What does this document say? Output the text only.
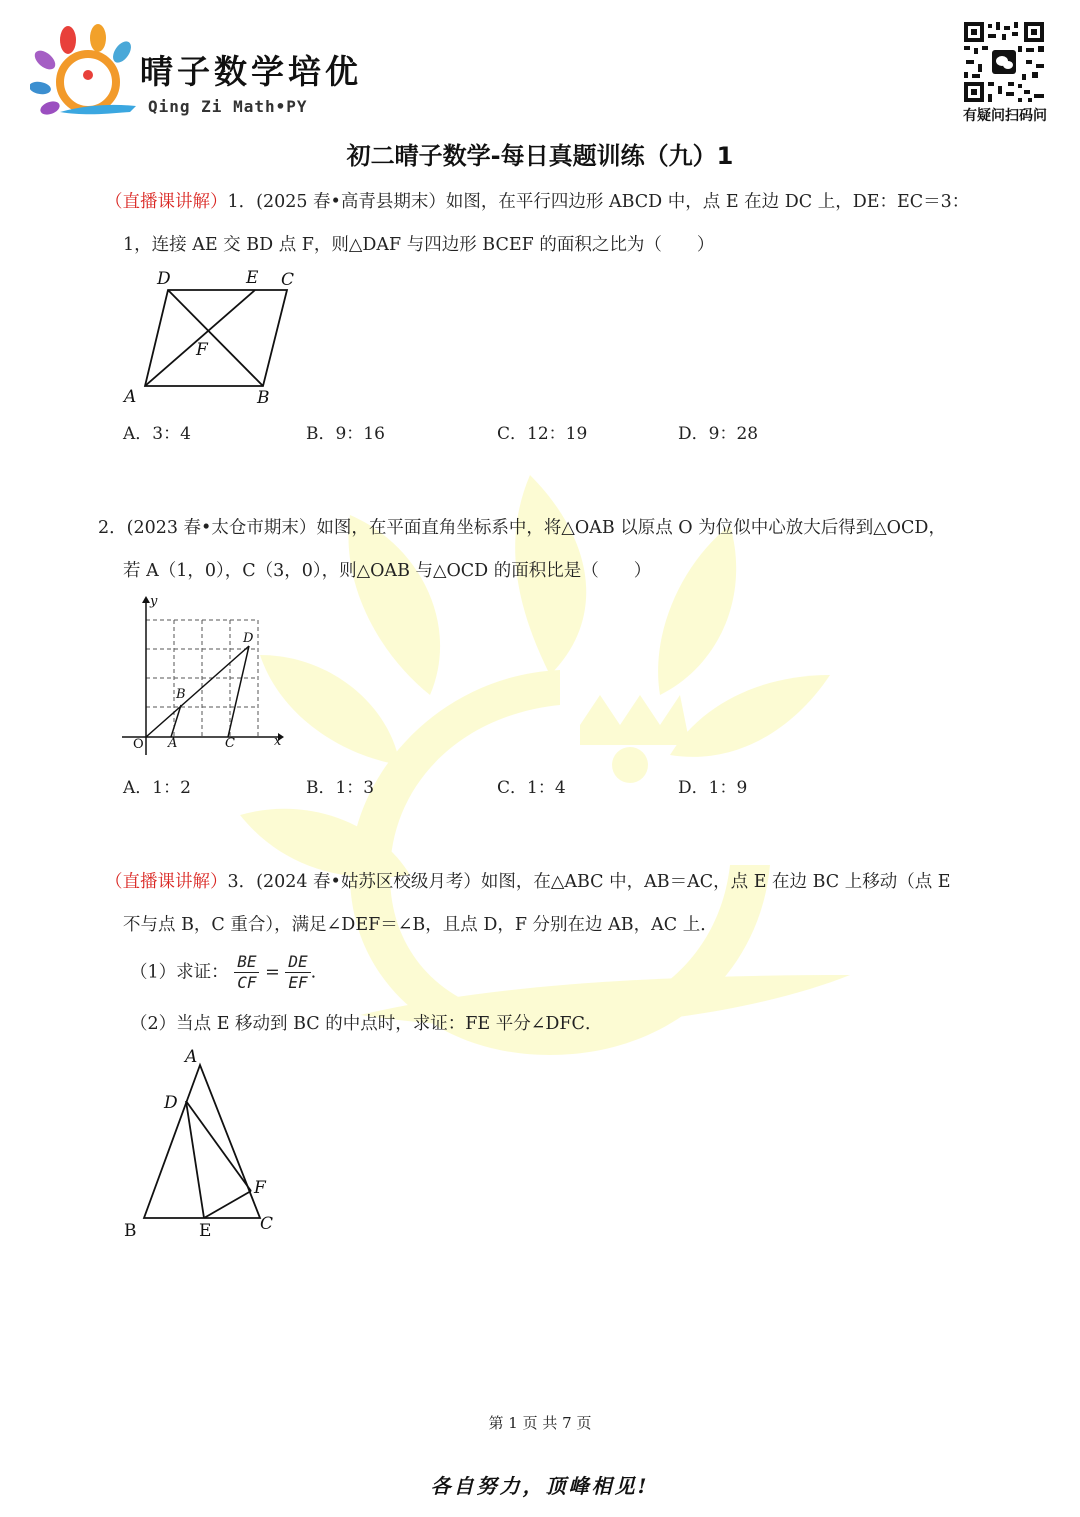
晴子数学培优
Qing Zi Math•PY	有疑问扫码问
初二晴子数学-每日真题训练（九）1
（直播课讲解）1．(2025 春•高青县期末）如图，在平行四边形 ABCD 中，点 E 在边 DC 上，DE：EC＝3：
1，连接 AE 交 BD 点 F，则△DAF 与四边形 BCEF 的面积之比为（　　）
D	E C
F
A	B
A．3：4	B．9：16	C．12：19	D．9：28
2．(2023 春•太仓市期末）如图，在平面直角坐标系中，将△OAB 以原点 O 为位似中心放大后得到△OCD，
若 A（1，0），C（3，0），则△OAB 与△OCD 的面积比是（　　）
y
x
O A
B
C
D
A．1：2	B．1：3	C．1：4	D．1：9
（直播课讲解）3．(2024 春•姑苏区校级月考）如图，在△ABC 中，AB＝AC，点 E 在边 BC 上移动（点 E
不与点 B，C 重合），满足∠DEF＝∠B，且点 D，F 分别在边 AB，AC 上．
（1）求证： $\frac{BE}{CF} = \frac{DE}{EF}$ .
（2）当点 E 移动到 BC 的中点时，求证：FE 平分∠DFC．
A
D
F
B	E	C
第 1 页 共 7 页
各自努力，顶峰相见!
